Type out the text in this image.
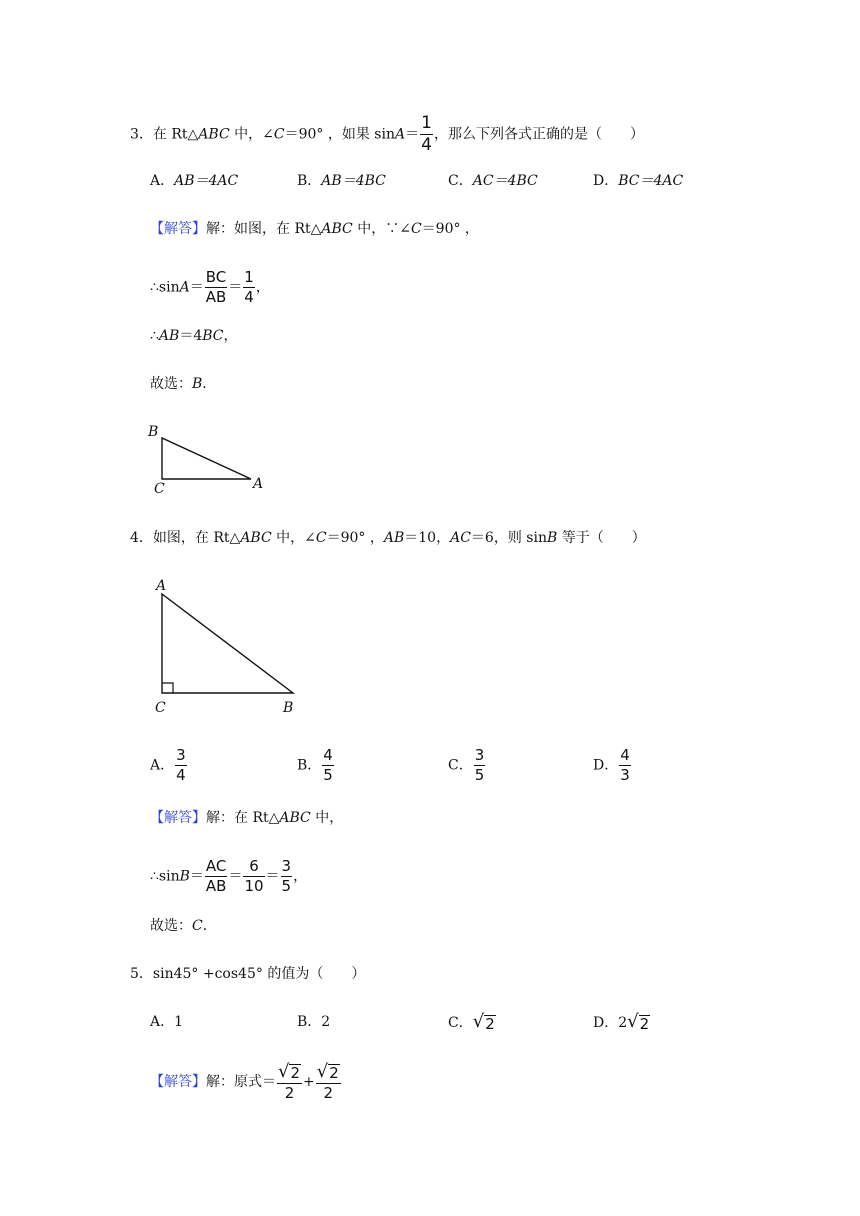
3．在 Rt△ABC 中，∠C＝90° ，如果 $\sin A= \frac{1}{4}$ ，那么下列各式正确的是（　　）
A．AB＝4AC	B．AB＝4BC	C．AC＝4BC	D．BC＝4AC
【解答】解：如图，在 Rt△ABC 中，∵∠C＝90° ，
∴sinA＝ $\frac{BC}{AB} = \frac{1}{4}$ ，
∴AB＝4BC，
故选：B．
B
C	A
4．如图，在 Rt△ABC 中，∠C＝90° ，AB＝10，AC＝6，则 sinB 等于（　　）
A
C	B
A． $\frac{3}{4}$	B． $\frac{4}{5}$	C． $\frac{3}{5}$	D． $\frac{4}{3}$
【解答】解：在 Rt△ABC 中，
∴sinB＝ $\frac{AC}{AB} = \frac{6}{10} = \frac{3}{5}$ ，
故选：C．
5．sin45° +cos45° 的值为（　　）
A．1	B．2	C． √ 2	D．2 √ 2
【解答】解：原式＝ $\frac{√ 2}{2} + \frac{√ 2}{2}$
